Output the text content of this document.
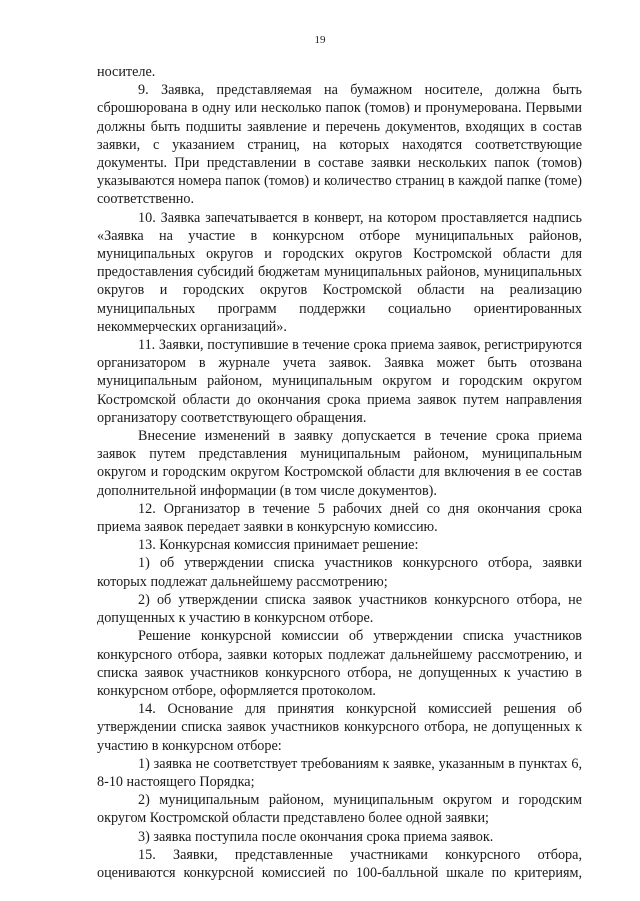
19

носителе.

9. Заявка, представляемая на бумажном носителе, должна быть сброшюрована в одну или несколько папок (томов) и пронумерована. Первыми должны быть подшиты заявление и перечень документов, входящих в состав заявки, с указанием страниц, на которых находятся соответствующие документы. При представлении в составе заявки нескольких папок (томов) указываются номера папок (томов) и количество страниц в каждой папке (томе) соответственно.

10. Заявка запечатывается в конверт, на котором проставляется надпись «Заявка на участие в конкурсном отборе муниципальных районов, муниципальных округов и городских округов Костромской области для предоставления субсидий бюджетам муниципальных районов, муниципальных округов и городских округов Костромской области на реализацию муниципальных программ поддержки социально ориентированных некоммерческих организаций».

11. Заявки, поступившие в течение срока приема заявок, регистрируются организатором в журнале учета заявок. Заявка может быть отозвана муниципальным районом, муниципальным округом и городским округом Костромской области до окончания срока приема заявок путем направления организатору соответствующего обращения.

Внесение изменений в заявку допускается в течение срока приема заявок путем представления муниципальным районом, муниципальным округом и городским округом Костромской области для включения в ее состав дополнительной информации (в том числе документов).

12. Организатор в течение 5 рабочих дней со дня окончания срока приема заявок передает заявки в конкурсную комиссию.

13. Конкурсная комиссия принимает решение:

1) об утверждении списка участников конкурсного отбора, заявки которых подлежат дальнейшему рассмотрению;

2) об утверждении списка заявок участников конкурсного отбора, не допущенных к участию в конкурсном отборе.

Решение конкурсной комиссии об утверждении списка участников конкурсного отбора, заявки которых подлежат дальнейшему рассмотрению, и списка заявок участников конкурсного отбора, не допущенных к участию в конкурсном отборе, оформляется протоколом.

14. Основание для принятия конкурсной комиссией решения об утверждении списка заявок участников конкурсного отбора, не допущенных к участию в конкурсном отборе:

1) заявка не соответствует требованиям к заявке, указанным в пунктах 6, 8-10 настоящего Порядка;

2) муниципальным районом, муниципальным округом и городским округом Костромской области представлено более одной заявки;

3) заявка поступила после окончания срока приема заявок.

15. Заявки, представленные участниками конкурсного отбора, оцениваются конкурсной комиссией по 100-балльной шкале по критериям,
